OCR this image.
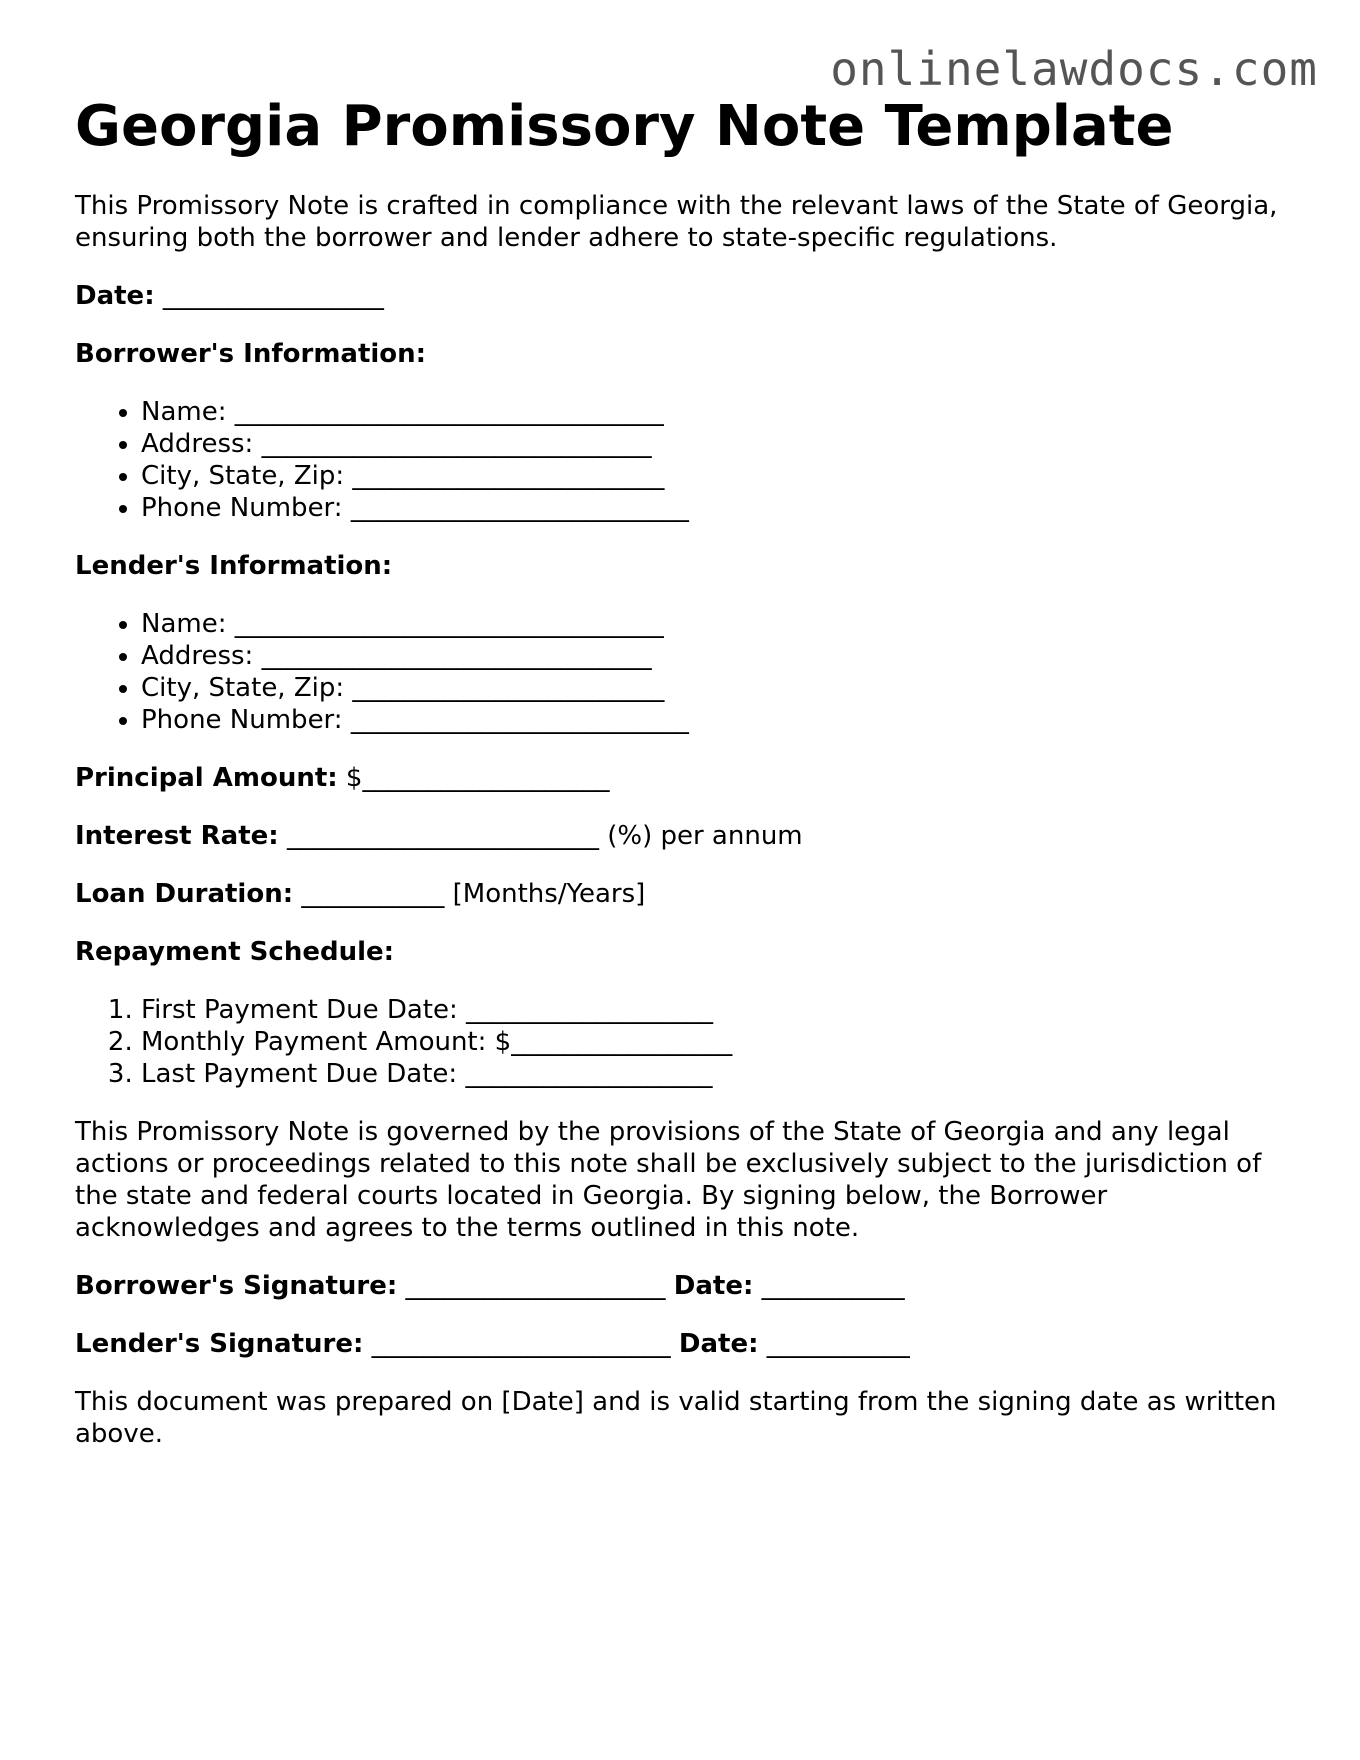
onlinelawdocs.com
Georgia Promissory Note Template

This Promissory Note is crafted in compliance with the relevant laws of the State of Georgia, ensuring both the borrower and lender adhere to state-specific regulations.

Date: _________________

Borrower's Information:
• Name: _________________________________
• Address: ______________________________
• City, State, Zip: ________________________
• Phone Number: __________________________
Lender's Information:
• Name: _________________________________
• Address: ______________________________
• City, State, Zip: ________________________
• Phone Number: __________________________

Principal Amount: $___________________

Interest Rate: ________________________ (%) per annum

Loan Duration: ___________ [Months/Years]

Repayment Schedule:
1. First Payment Due Date: ___________________
2. Monthly Payment Amount: $_________________
3. Last Payment Due Date: ___________________

This Promissory Note is governed by the provisions of the State of Georgia and any legal actions or proceedings related to this note shall be exclusively subject to the jurisdiction of the state and federal courts located in Georgia. By signing below, the Borrower acknowledges and agrees to the terms outlined in this note.

Borrower's Signature: ____________________ Date: ___________

Lender's Signature: _______________________ Date: ___________

This document was prepared on [Date] and is valid starting from the signing date as written above.
